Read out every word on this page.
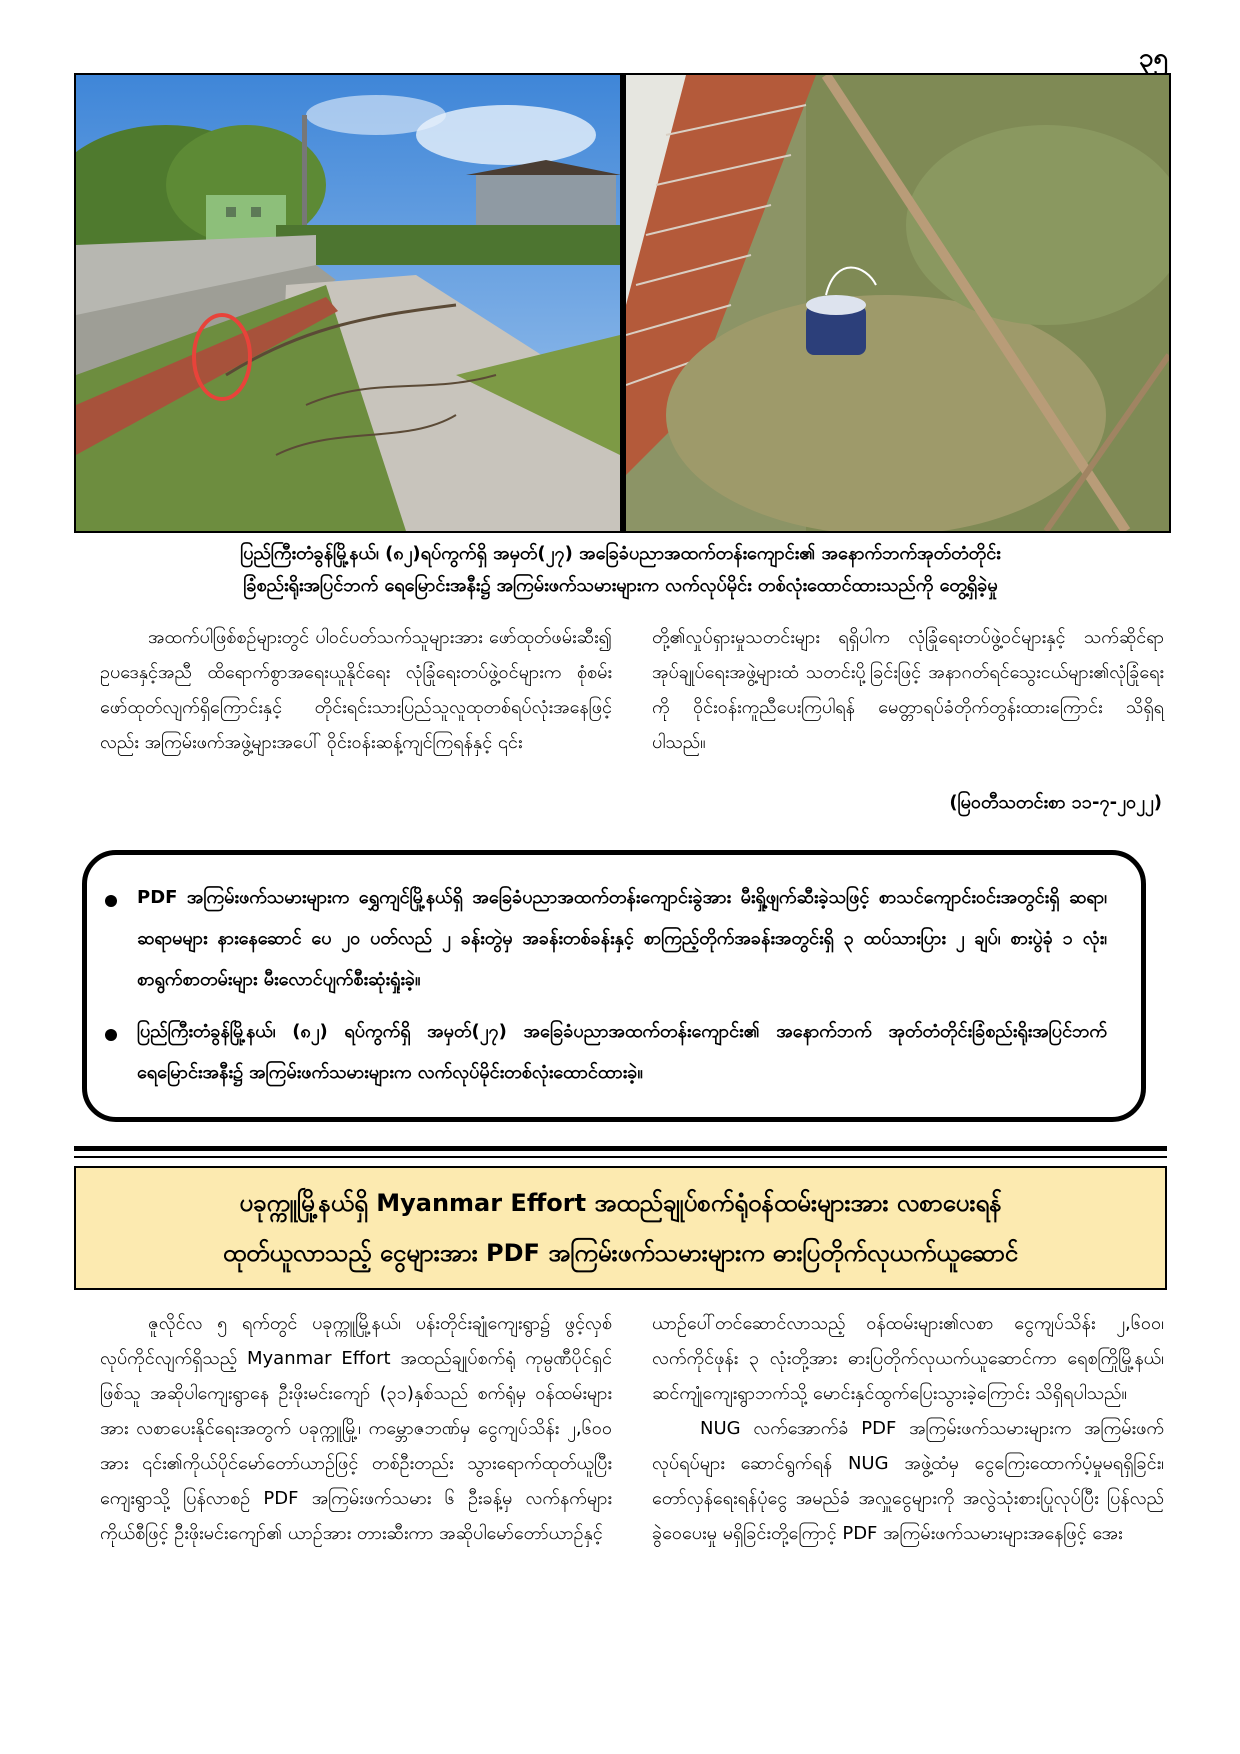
၃၅
ပြည်ကြီးတံခွန်မြို့နယ်၊ (၈၂)ရပ်ကွက်ရှိ အမှတ်(၂၇) အခြေခံပညာအထက်တန်းကျောင်း၏ အနောက်ဘက်အုတ်တံတိုင်း
ခြံစည်းရိုးအပြင်ဘက် ရေမြောင်းအနီး၌ အကြမ်းဖက်သမားများက လက်လုပ်မိုင်း တစ်လုံးထောင်ထားသည်ကို တွေ့ရှိခဲ့မှု

အထက်ပါဖြစ်စဉ်များတွင် ပါဝင်ပတ်သက်သူများအား ဖော်ထုတ်ဖမ်းဆီး၍ ဥပဒေနှင့်အညီ ထိရောက်စွာအရေးယူနိုင်ရေး လုံခြုံရေးတပ်ဖွဲ့ဝင်များက စုံစမ်းဖော်ထုတ်လျက်ရှိကြောင်းနှင့် တိုင်းရင်းသားပြည်သူလူထုတစ်ရပ်လုံးအနေဖြင့်လည်း အကြမ်းဖက်အဖွဲ့များအပေါ် ဝိုင်းဝန်းဆန့်ကျင်ကြရန်နှင့် ၎င်း

တို့၏လှုပ်ရှားမှုသတင်းများ ရရှိပါက လုံခြုံရေးတပ်ဖွဲ့ဝင်များနှင့် သက်ဆိုင်ရာအုပ်ချုပ်ရေးအဖွဲ့များထံ သတင်းပို့ခြင်းဖြင့် အနာဂတ်ရင်သွေးငယ်များ၏လုံခြုံရေးကို ဝိုင်းဝန်းကူညီပေးကြပါရန် မေတ္တာရပ်ခံတိုက်တွန်းထားကြောင်း သိရှိရပါသည်။

(မြဝတီသတင်းစာ ၁၁-၇-၂၀၂၂)
PDF အကြမ်းဖက်သမားများက ရွှေကျင်မြို့နယ်ရှိ အခြေခံပညာအထက်တန်းကျောင်းခွဲအား မီးရှို့ဖျက်ဆီးခဲ့သဖြင့် စာသင်ကျောင်းဝင်းအတွင်းရှိ ဆရာ၊ ဆရာမများ နားနေဆောင် ပေ ၂၀ ပတ်လည် ၂ ခန်းတွဲမှ အခန်းတစ်ခန်းနှင့် စာကြည့်တိုက်အခန်းအတွင်းရှိ ၃ ထပ်သားပြား ၂ ချပ်၊ စားပွဲခုံ ၁ လုံး၊ စာရွက်စာတမ်းများ မီးလောင်ပျက်စီးဆုံးရှုံးခဲ့။
ပြည်ကြီးတံခွန်မြို့နယ်၊ (၈၂) ရပ်ကွက်ရှိ အမှတ်(၂၇) အခြေခံပညာအထက်တန်းကျောင်း၏ အနောက်ဘက် အုတ်တံတိုင်းခြံစည်းရိုးအပြင်ဘက် ရေမြောင်းအနီး၌ အကြမ်းဖက်သမားများက လက်လုပ်မိုင်းတစ်လုံးထောင်ထားခဲ့။
ပခုက္ကူမြို့နယ်ရှိ Myanmar Effort အထည်ချုပ်စက်ရုံဝန်ထမ်းများအား လစာပေးရန်
ထုတ်ယူလာသည့် ငွေများအား PDF အကြမ်းဖက်သမားများက ဓားပြတိုက်လုယက်ယူဆောင်

ဇူလိုင်လ ၅ ရက်တွင် ပခုက္ကူမြို့နယ်၊ ပန်းတိုင်းချုံကျေးရွာ၌ ဖွင့်လှစ်လုပ်ကိုင်လျက်ရှိသည့် Myanmar Effort အထည်ချုပ်စက်ရုံ ကုမ္ပဏီပိုင်ရှင်ဖြစ်သူ အဆိုပါကျေးရွာနေ ဦးဖိုးမင်းကျော် (၃၁)နှစ်သည် စက်ရုံမှ ဝန်ထမ်းများအား လစာပေးနိုင်ရေးအတွက် ပခုက္ကူမြို့၊ ကမ္ဘောဇဘဏ်မှ ငွေကျပ်သိန်း ၂,၆၀၀ အား ၎င်း၏ကိုယ်ပိုင်မော်တော်ယာဉ်ဖြင့် တစ်ဦးတည်း သွားရောက်ထုတ်ယူပြီး ကျေးရွာသို့ ပြန်လာစဉ် PDF အကြမ်းဖက်သမား ၆ ဦးခန့်မှ လက်နက်များကိုယ်စီဖြင့် ဦးဖိုးမင်းကျော်၏ ယာဉ်အား တားဆီးကာ အဆိုပါမော်တော်ယာဉ်နှင့်

ယာဉ်ပေါ်တင်ဆောင်လာသည့် ဝန်ထမ်းများ၏လစာ ငွေကျပ်သိန်း ၂,၆၀၀၊ လက်ကိုင်ဖုန်း ၃ လုံးတို့အား ဓားပြတိုက်လုယက်ယူဆောင်ကာ ရေစကြိုမြို့နယ်၊ ဆင်ကျုံကျေးရွာဘက်သို့ မောင်းနှင်ထွက်ပြေးသွားခဲ့ကြောင်း သိရှိရပါသည်။

NUG လက်အောက်ခံ PDF အကြမ်းဖက်သမားများက အကြမ်းဖက်လုပ်ရပ်များ ဆောင်ရွက်ရန် NUG အဖွဲ့ထံမှ ငွေကြေးထောက်ပံ့မှုမရရှိခြင်း၊ တော်လှန်ရေးရန်ပုံငွေ အမည်ခံ အလှူငွေများကို အလွဲသုံးစားပြုလုပ်ပြီး ပြန်လည်ခွဲဝေပေးမှု မရှိခြင်းတို့ကြောင့် PDF အကြမ်းဖက်သမားများအနေဖြင့် အေး
